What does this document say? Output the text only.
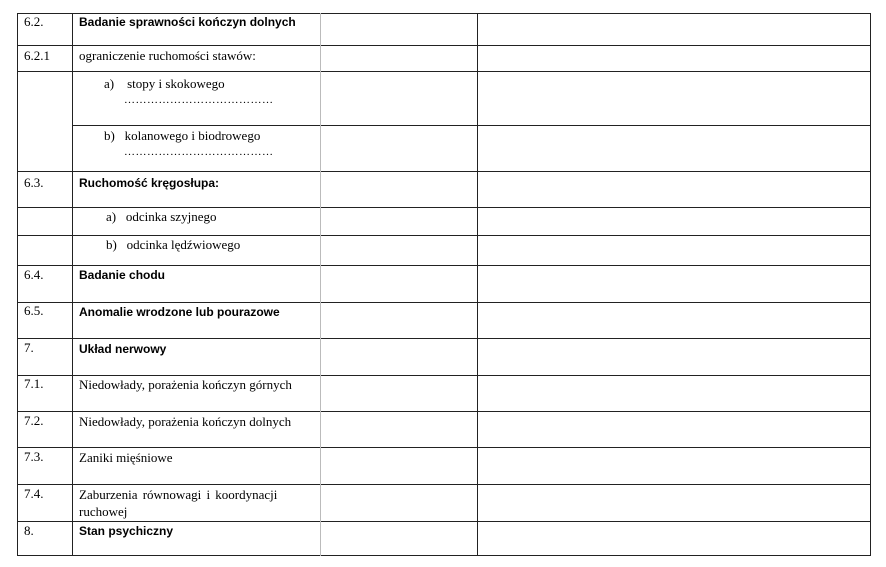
6.2.
6.2.1
6.3.
6.4.
6.5.
7.
7.1.
7.2.
7.3.
7.4.
8.
Badanie sprawności kończyn dolnych
ograniczenie ruchomości stawów:
a)    stopy i skokowego
…………………………………
b)   kolanowego i biodrowego
…………………………………
Ruchomość kręgosłupa:
a)   odcinka szyjnego
b)   odcinka lędźwiowego
Badanie chodu
Anomalie wrodzone lub pourazowe
Układ nerwowy
Niedowłady, porażenia kończyn górnych
Niedowłady, porażenia kończyn dolnych
Zaniki mięśniowe
Zaburzenia równowagi i koordynacji
ruchowej
Stan psychiczny
